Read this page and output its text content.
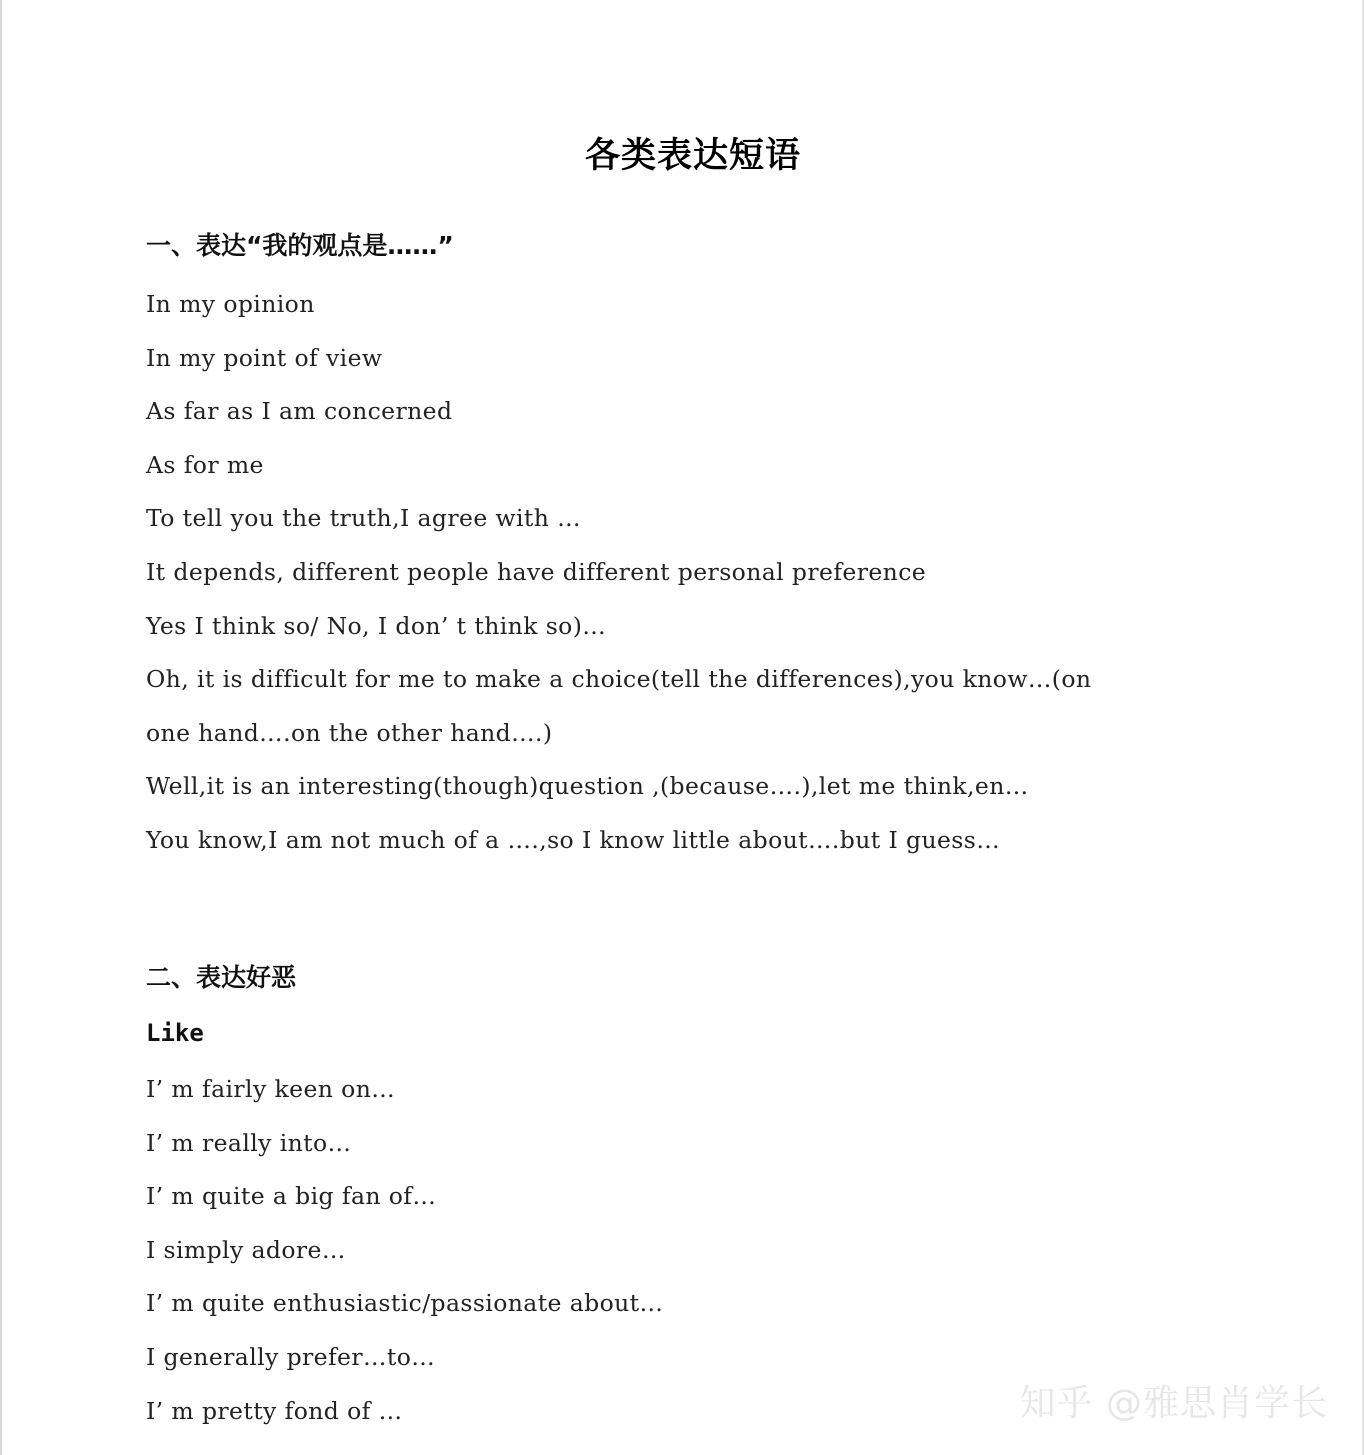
各类表达短语
一、表达“我的观点是……”
In my opinion
In my point of view
As far as I am concerned
As for me
To tell you the truth,I agree with …
It depends, different people have different personal preference
Yes I think so/ No, I don’ t think so)…
Oh, it is difficult for me to make a choice(tell the differences),you know…(on
one hand….on the other hand….)
Well,it is an interesting(though)question ,(because….),let me think,en…
You know,I am not much of a ….,so I know little about….but I guess…
二、表达好恶
Like
I’ m fairly keen on…
I’ m really into…
I’ m quite a big fan of…
I simply adore…
I’ m quite enthusiastic/passionate about…
I generally prefer…to…
I’ m pretty fond of …	知乎 @雅思肖学长
